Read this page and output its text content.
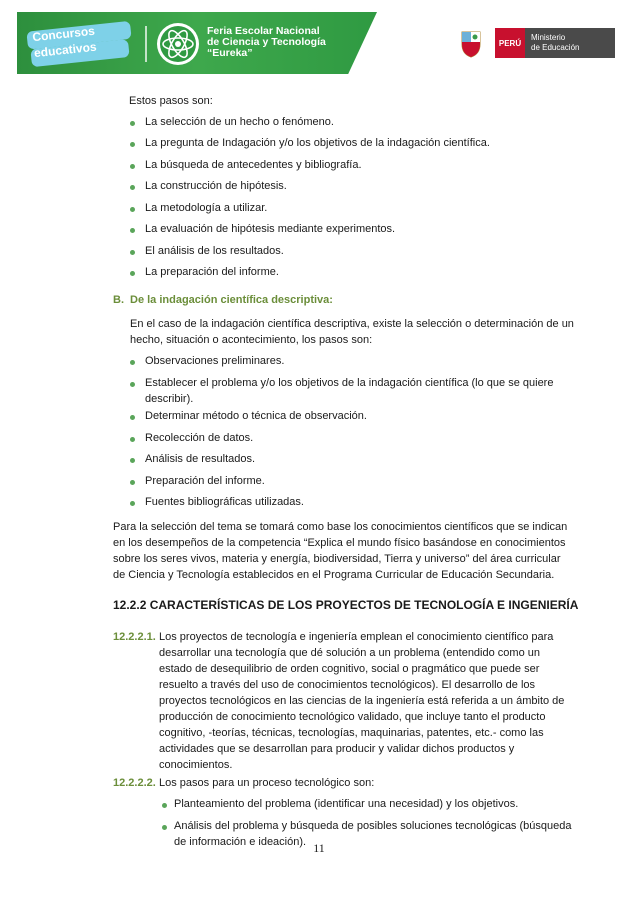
Concursos educativos
Feria Escolar Nacional
de Ciencia y Tecnología
“Eureka”
PERÚ
Ministerio
de Educación
Estos pasos son:
La selección de un hecho o fenómeno.
La pregunta de Indagación y/o los objetivos de la indagación científica.
La búsqueda de antecedentes y bibliografía.
La construcción de hipótesis.
La metodología a utilizar.
La evaluación de hipótesis mediante experimentos.
El análisis de los resultados.
La preparación del informe.
B. De la indagación científica descriptiva:
En el caso de la indagación científica descriptiva, existe la selección o determinación de un
hecho, situación o acontecimiento, los pasos son:
Observaciones preliminares.
Establecer el problema y/o los objetivos de la indagación científica (lo que se quiere
describir).
Determinar método o técnica de observación.
Recolección de datos.
Análisis de resultados.
Preparación del informe.
Fuentes bibliográficas utilizadas.
Para la selección del tema se tomará como base los conocimientos científicos que se indican
en los desempeños de la competencia “Explica el mundo físico basándose en conocimientos
sobre los seres vivos, materia y energía, biodiversidad, Tierra y universo” del área curricular
de Ciencia y Tecnología establecidos en el Programa Curricular de Educación Secundaria.
12.2.2 CARACTERÍSTICAS DE LOS PROYECTOS DE TECNOLOGÍA E INGENIERÍA
12.2.2.1. Los proyectos de tecnología e ingeniería emplean el conocimiento científico para
desarrollar una tecnología que dé solución a un problema (entendido como un
estado de desequilibrio de orden cognitivo, social o pragmático que puede ser
resuelto a través del uso de conocimientos tecnológicos). El desarrollo de los
proyectos tecnológicos en las ciencias de la ingeniería está referida a un ámbito de
producción de conocimiento tecnológico validado, que incluye tanto el producto
cognitivo, -teorías, técnicas, tecnologías, maquinarias, patentes, etc.- como las
actividades que se desarrollan para producir y validar dichos productos y
conocimientos.
12.2.2.2. Los pasos para un proceso tecnológico son:
Planteamiento del problema (identificar una necesidad) y los objetivos.
Análisis del problema y búsqueda de posibles soluciones tecnológicas (búsqueda
de información e ideación). 11
